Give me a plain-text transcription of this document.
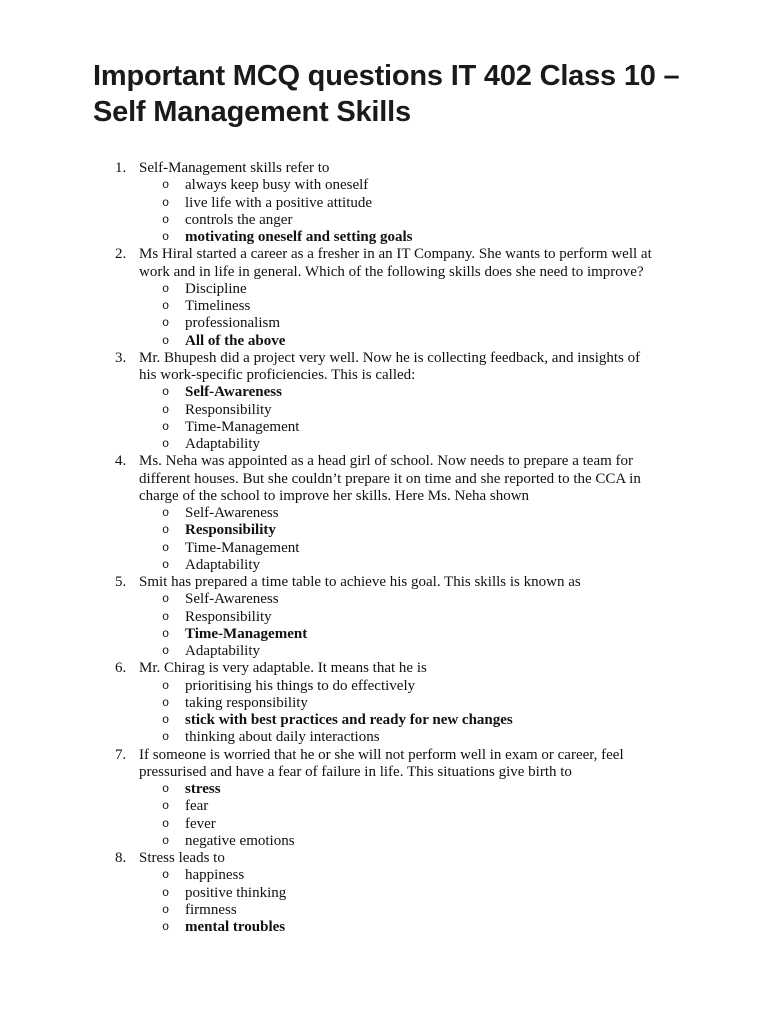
Important MCQ questions IT 402 Class 10 – Self Management Skills
1. Self-Management skills refer to
o always keep busy with oneself
o live life with a positive attitude
o controls the anger
o motivating oneself and setting goals
2. Ms Hiral started a career as a fresher in an IT Company. She wants to perform well at work and in life in general. Which of the following skills does she need to improve?
o Discipline
o Timeliness
o professionalism
o All of the above
3. Mr. Bhupesh did a project very well. Now he is collecting feedback, and insights of his work-specific proficiencies. This is called:
o Self-Awareness
o Responsibility
o Time-Management
o Adaptability
4. Ms. Neha was appointed as a head girl of school. Now needs to prepare a team for different houses. But she couldn’t prepare it on time and she reported to the CCA in charge of the school to improve her skills. Here Ms. Neha shown
o Self-Awareness
o Responsibility
o Time-Management
o Adaptability
5. Smit has prepared a time table to achieve his goal. This skills is known as
o Self-Awareness
o Responsibility
o Time-Management
o Adaptability
6. Mr. Chirag is very adaptable. It means that he is
o prioritising his things to do effectively
o taking responsibility
o stick with best practices and ready for new changes
o thinking about daily interactions
7. If someone is worried that he or she will not perform well in exam or career, feel pressurised and have a fear of failure in life. This situations give birth to
o stress
o fear
o fever
o negative emotions
8. Stress leads to
o happiness
o positive thinking
o firmness
o mental troubles
